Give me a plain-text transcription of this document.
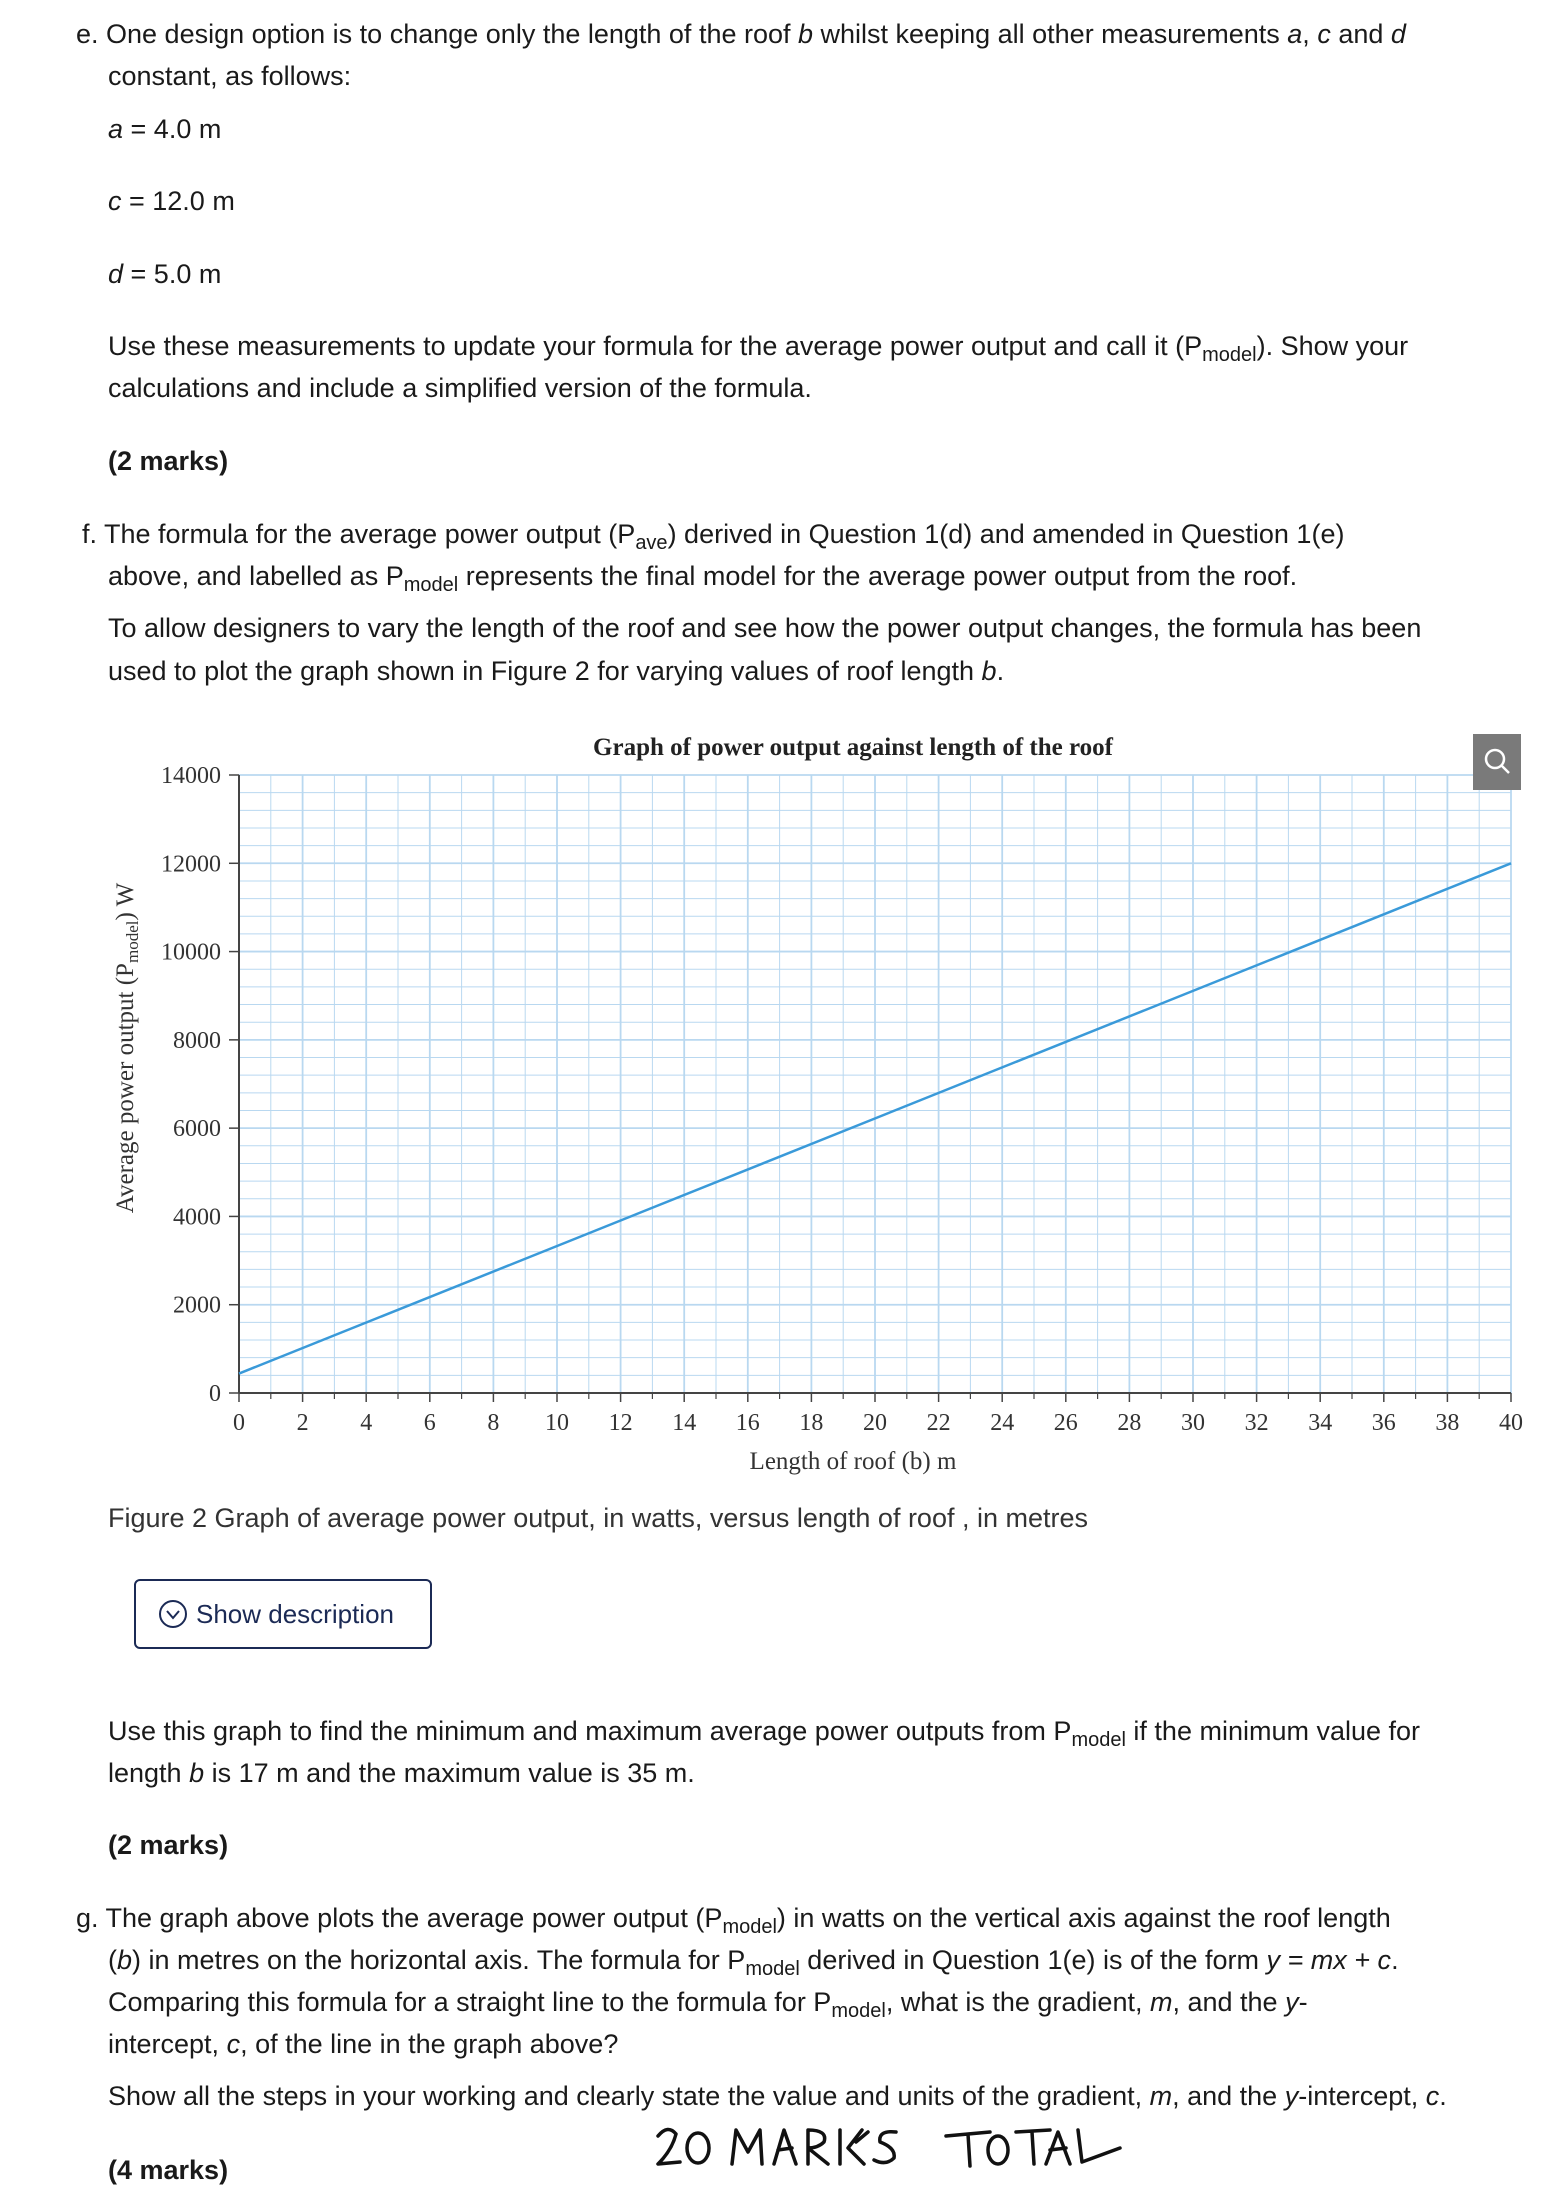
e. One design option is to change only the length of the roof b whilst keeping all other measurements a, c and d
constant, as follows:
a = 4.0 m
c = 12.0 m
d = 5.0 m
Use these measurements to update your formula for the average power output and call it $(P_{model})$. Show your
calculations and include a simplified version of the formula.
(2 marks)
f. The formula for the average power output $(P_{ave})$ derived in Question 1(d) and amended in Question 1(e)
above, and labelled as $P_{model}$ represents the final model for the average power output from the roof.
To allow designers to vary the length of the roof and see how the power output changes, the formula has been
used to plot the graph shown in Figure 2 for varying values of roof length b.
0 2 4 6 8 10 12 14 16 18 20 22 24 26 28 30 32 34 36 38 40
0
2000
4000
6000
8000
10000
12000
14000
Graph of power output against length of the roof
Length of roof (b) m
Average power output $(P_{model})$ W
Figure 2 Graph of average power output, in watts, versus length of roof , in metres
Show description
Use this graph to find the minimum and maximum average power outputs from $P_{model}$ if the minimum value for
length b is 17 m and the maximum value is 35 m.
(2 marks)
g. The graph above plots the average power output $(P_{model})$ in watts on the vertical axis against the roof length
(b) in metres on the horizontal axis. The formula for $P_{model}$ derived in Question 1(e) is of the form y = mx + c.
Comparing this formula for a straight line to the formula for $P_{model}$, what is the gradient, m, and the y-
intercept, c, of the line in the graph above?
Show all the steps in your working and clearly state the value and units of the gradient, m, and the y-intercept, c.
(4 marks)
